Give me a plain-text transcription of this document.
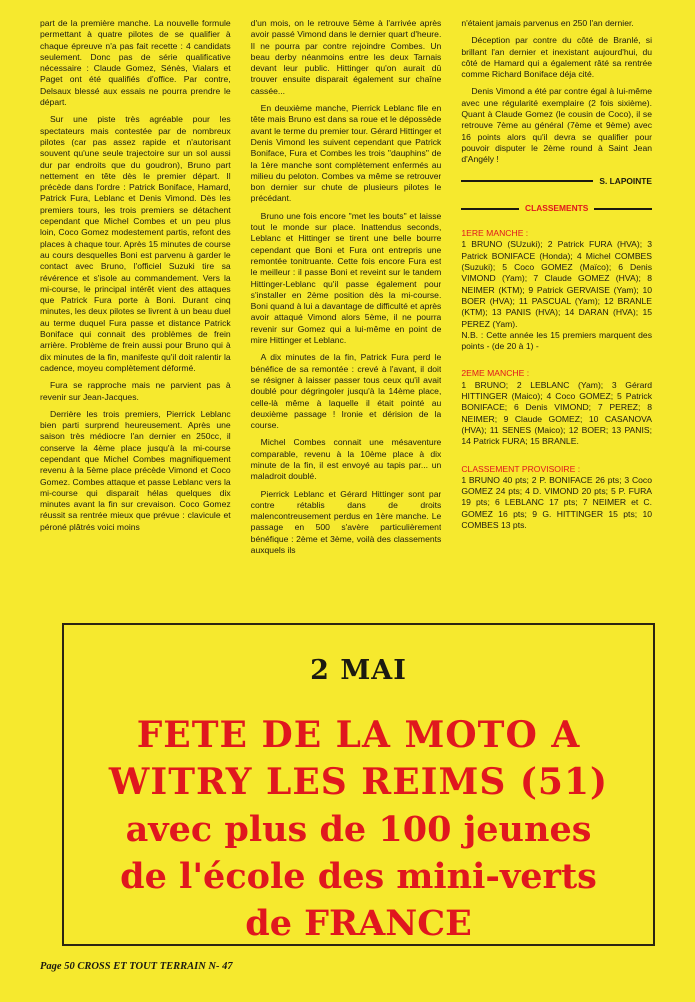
part de la première manche. La nouvelle formule permettant à quatre pilotes de se qualifier à chaque épreuve n'a pas fait recette : 4 candidats seulement. Donc pas de série qualificative nécessaire : Claude Gomez, Sénès, Vialars et Paget ont été qualifiés d'office. Par contre, Delsaux blessé aux essais ne pourra prendre le départ.

Sur une piste très agréable pour les spectateurs mais contestée par de nombreux pilotes (car pas assez rapide et n'autorisant souvent qu'une seule trajectoire sur un sol aussi dur par endroits que du goudron), Bruno part nettement en tête dès le premier départ. Il précède dans l'ordre : Patrick Boniface, Hamard, Patrick Fura, Leblanc et Denis Vimond. Dès les premiers tours, les trois premiers se détachent cependant que Michel Combes et un peu plus loin, Coco Gomez modestement partis, refont des places à chaque tour. Après 15 minutes de course au cours desquelles Boni est parvenu à garder le contact avec Bruno, l'officiel Suzuki tire sa révérence et s'isole au commandement. Vers la mi-course, le principal intérêt vient des attaques que Patrick Fura porte à Boni. Durant cinq minutes, les deux pilotes se livrent à un beau duel au terme duquel Fura passe et distance Patrick Boniface qui connait des problèmes de frein arrière. Problème de frein aussi pour Bruno qui à dix minutes de la fin, manifeste qu'il doit ralentir la cadence, moyeu complètement déformé.

Fura se rapproche mais ne parvient pas à revenir sur Jean-Jacques.

Derrière les trois premiers, Pierrick Leblanc bien parti surprend heureusement. Après une saison très médiocre l'an dernier en 250cc, il conserve la 4ème place jusqu'à la mi-course cependant que Michel Combes magnifiquement revenu à la 5ème place précède Vimond et Coco Gomez. Combes attaque et passe Leblanc vers la mi-course qui disparait hélas quelques dix minutes avant la fin sur crevaison. Coco Gomez réussit sa rentrée mieux que prévue : clavicule et péroné plâtrés voici moins

d'un mois, on le retrouve 5ème à l'arrivée après avoir passé Vimond dans le dernier quart d'heure. Il ne pourra par contre rejoindre Combes. Un beau derby néanmoins entre les deux Tarnais devant leur public. Hittinger qu'on aurait dû trouver ensuite disparait également sur chaîne cassée...

En deuxième manche, Pierrick Leblanc file en tête mais Bruno est dans sa roue et le dépossède avant le terme du premier tour. Gérard Hittinger et Denis Vimond les suivent cependant que Patrick Boniface, Fura et Combes les trois "dauphins" de la 1ère manche sont complètement enfermés au milieu du peloton. Combes va même se retrouver bon dernier sur chute de plusieurs pilotes le précédant.

Bruno une fois encore "met les bouts" et laisse tout le monde sur place. Inattendus seconds, Leblanc et Hittinger se tirent une belle bourre cependant que Boni et Fura ont entrepris une remontée tonitruante. Cette fois encore Fura est le meilleur : il passe Boni et reveint sur le tandem Hittinger-Leblanc qu'il passe également pour s'installer en 2ème position dès la mi-course. Boni quand à lui a davantage de difficulté et après avoir attaqué Vimond alors 5ème, il ne pourra revenir sur Gomez qui a lui-même en point de mire Hittinger et Leblanc.

A dix minutes de la fin, Patrick Fura perd le bénéfice de sa remontée : crevé à l'avant, il doit se résigner à laisser passer tous ceux qu'il avait doublé pour dégringoler jusqu'à la 14ème place, celle-là même à laquelle il était pointé au deuxième passage ! Ironie et dérision de la course.

Michel Combes connait une mésaventure comparable, revenu à la 10ème place à dix minute de la fin, il est envoyé au tapis par... un maladroit doublé.

Pierrick Leblanc et Gérard Hittinger sont par contre rétablis dans de droits malencontreusement perdus en 1ère manche. Le passage en 500 s'avère particulièrement bénéfique : 2ème et 3ème, voilà des classements auxquels ils

n'étaient jamais parvenus en 250 l'an dernier.

Déception par contre du côté de Branlé, si brillant l'an dernier et inexistant aujourd'hui, du côté de Hamard qui a également râté sa rentrée comme Richard Boniface déja cité.

Denis Vimond a été par contre égal à lui-même avec une régularité exemplaire (2 fois sixième). Quant à Claude Gomez (le cousin de Coco), il se retrouve 7ème au général (7ème et 9ème) avec 16 points alors qu'il devra se qualifier pour pouvoir disputer le 2ème round à Saint Jean d'Angély !

S. LAPOINTE
CLASSEMENTS
1ERE MANCHE :
1 BRUNO (SUzuki); 2 Patrick FURA (HVA); 3 Patrick BONIFACE (Honda); 4 Michel COMBES (Suzuki); 5 Coco GOMEZ (Maïco); 6 Denis VIMOND (Yam); 7 Claude GOMEZ (HVA); 8 NEIMER (KTM); 9 Patrick GERVAISE (Yam); 10 BOER (HVA); 11 PASCUAL (Yam); 12 BRANLE (KTM); 13 PANIS (HVA); 14 DARAN (HVA); 15 PEREZ (Yam).
N.B. : Cette année les 15 premiers marquent des points - (de 20 à 1) -
2EME MANCHE :
1 BRUNO; 2 LEBLANC (Yam); 3 Gérard HITTINGER (Maico); 4 Coco GOMEZ; 5 Patrick BONIFACE; 6 Denis VIMOND; 7 PEREZ; 8 NEIMER; 9 Claude GOMEZ; 10 CASANOVA (HVA); 11 SENES (Maico); 12 BOER; 13 PANIS; 14 Patrick FURA; 15 BRANLE.
CLASSEMENT PROVISOIRE :
1 BRUNO 40 pts; 2 P. BONIFACE 26 pts; 3 Coco GOMEZ 24 pts; 4 D. VIMOND 20 pts; 5 P. FURA 19 pts; 6 LEBLANC 17 pts; 7 NEIMER et C. GOMEZ 16 pts; 9 G. HITTINGER 15 pts; 10 COMBES 13 pts.
2 MAI
FETE DE LA MOTO A
WITRY LES REIMS (51)
avec plus de 100 jeunes
de l'école des mini-verts
de FRANCE
Page 50 CROSS ET TOUT TERRAIN N- 47
